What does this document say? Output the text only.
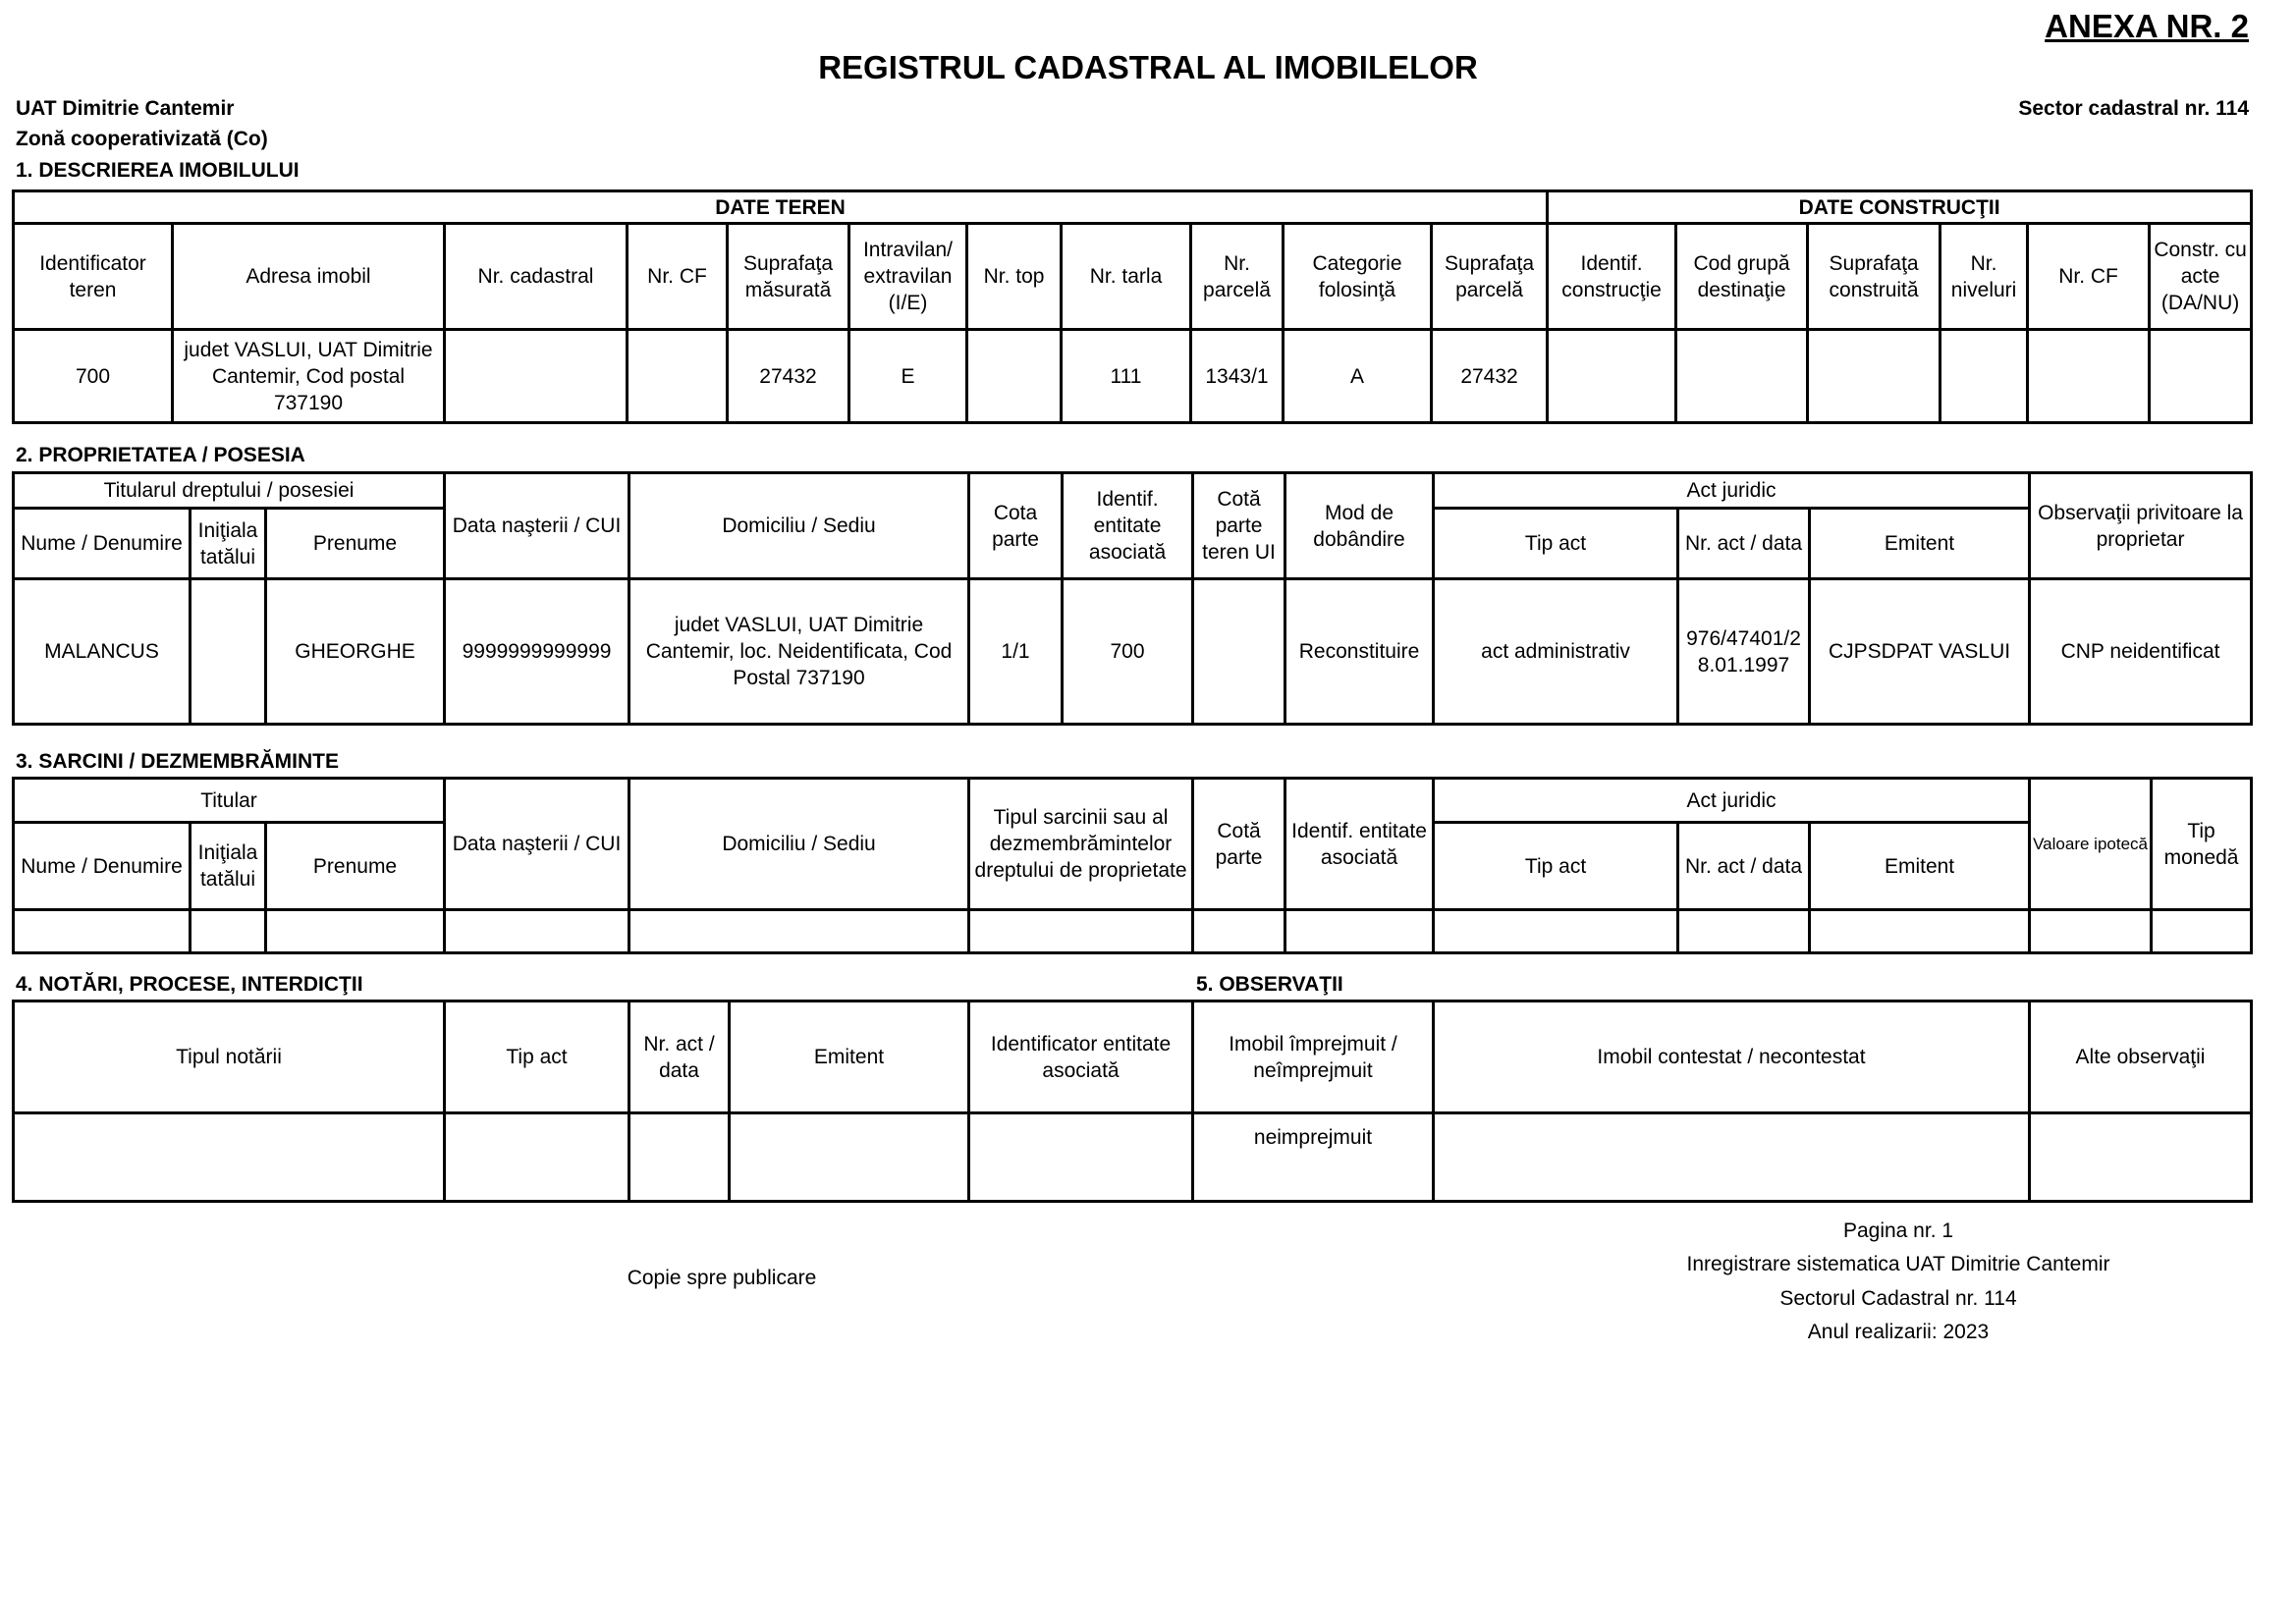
ANEXA NR. 2
REGISTRUL CADASTRAL AL IMOBILELOR
UAT Dimitrie Cantemir
Zonă cooperativizată (Co)
Sector cadastral nr. 114
1. DESCRIEREA IMOBILULUI
DATE TEREN											DATE CONSTRUCŢII					
Identificator teren	Adresa imobil	Nr. cadastral	Nr. CF	Suprafaţa măsurată	Intravilan/ extravilan (I/E)	Nr. top	Nr. tarla	Nr. parcelă	Categorie folosinţă	Suprafaţa parcelă	Identif. construcţie	Cod grupă destinaţie	Suprafaţa construită	Nr. niveluri	Nr. CF	Constr. cu acte (DA/NU)
700	judet VASLUI, UAT Dimitrie Cantemir, Cod postal 737190			27432	E		111	1343/1	A	27432						
2. PROPRIETATEA / POSESIA
Titularul dreptului / posesiei			Data naşterii / CUI	Domiciliu / Sediu	Cota parte	Identif. entitate asociată	Cotă parte teren UI	Mod de dobândire	Act juridic			Observaţii privitoare la proprietar
Nume / Denumire	Iniţiala tatălui	Prenume							Tip act	Nr. act / data	Emitent	
MALANCUS		GHEORGHE	9999999999999	judet VASLUI, UAT Dimitrie Cantemir, loc. Neidentificata, Cod Postal 737190	1/1	700		Reconstituire	act administrativ	976/47401/28.01.1997	CJPSDPAT VASLUI	CNP neidentificat
3. SARCINI / DEZMEMBRĂMINTE
Titular			Data naşterii / CUI	Domiciliu / Sediu	Tipul sarcinii sau al dezmembrămintelor dreptului de proprietate	Cotă parte	Identif. entitate asociată	Act juridic			Valoare ipotecă	Tip monedă
Nume / Denumire	Iniţiala tatălui	Prenume						Tip act	Nr. act / data	Emitent		

4. NOTĂRI, PROCESE, INTERDICŢII	5. OBSERVAŢII
Tipul notării	Tip act	Nr. act / data	Emitent	Identificator entitate asociată	Imobil împrejmuit / neîmprejmuit	Imobil contestat / necontestat	Alte observaţii
					neimprejmuit		
Copie spre publicare
Pagina nr. 1
Inregistrare sistematica UAT Dimitrie Cantemir
Sectorul Cadastral nr. 114
Anul realizarii: 2023
